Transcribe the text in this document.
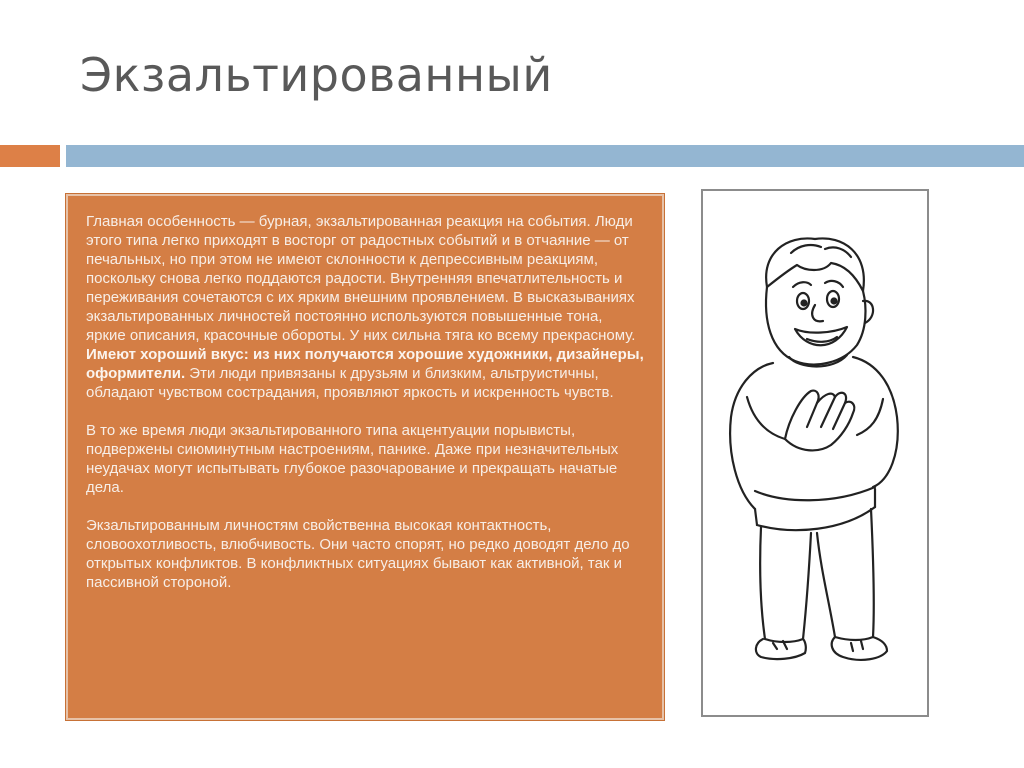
Экзальтированный

Главная особенность — бурная, экзальтированная реакция на события. Люди этого типа легко приходят в восторг от радостных событий и в отчаяние — от печальных, но при этом не имеют склонности к депрессивным реакциям, поскольку снова легко поддаются радости. Внутренняя впечатлительность и переживания сочетаются с их ярким внешним проявлением. В высказываниях экзальтированных личностей постоянно используются повышенные тона, яркие описания, красочные обороты. У них сильна тяга ко всему прекрасному. Имеют хороший вкус: из них получаются хорошие художники, дизайнеры, оформители. Эти люди привязаны к друзьям и близким, альтруистичны, обладают чувством сострадания, проявляют яркость и искренность чувств.

В то же время люди экзальтированного типа акцентуации порывисты, подвержены сиюминутным настроениям, панике. Даже при незначительных неудачах могут испытывать глубокое разочарование и прекращать начатые дела.

Экзальтированным личностям свойственна высокая контактность, словоохотливость, влюбчивость. Они часто спорят, но редко доводят дело до открытых конфликтов. В конфликтных ситуациях бывают как активной, так и пассивной стороной.
